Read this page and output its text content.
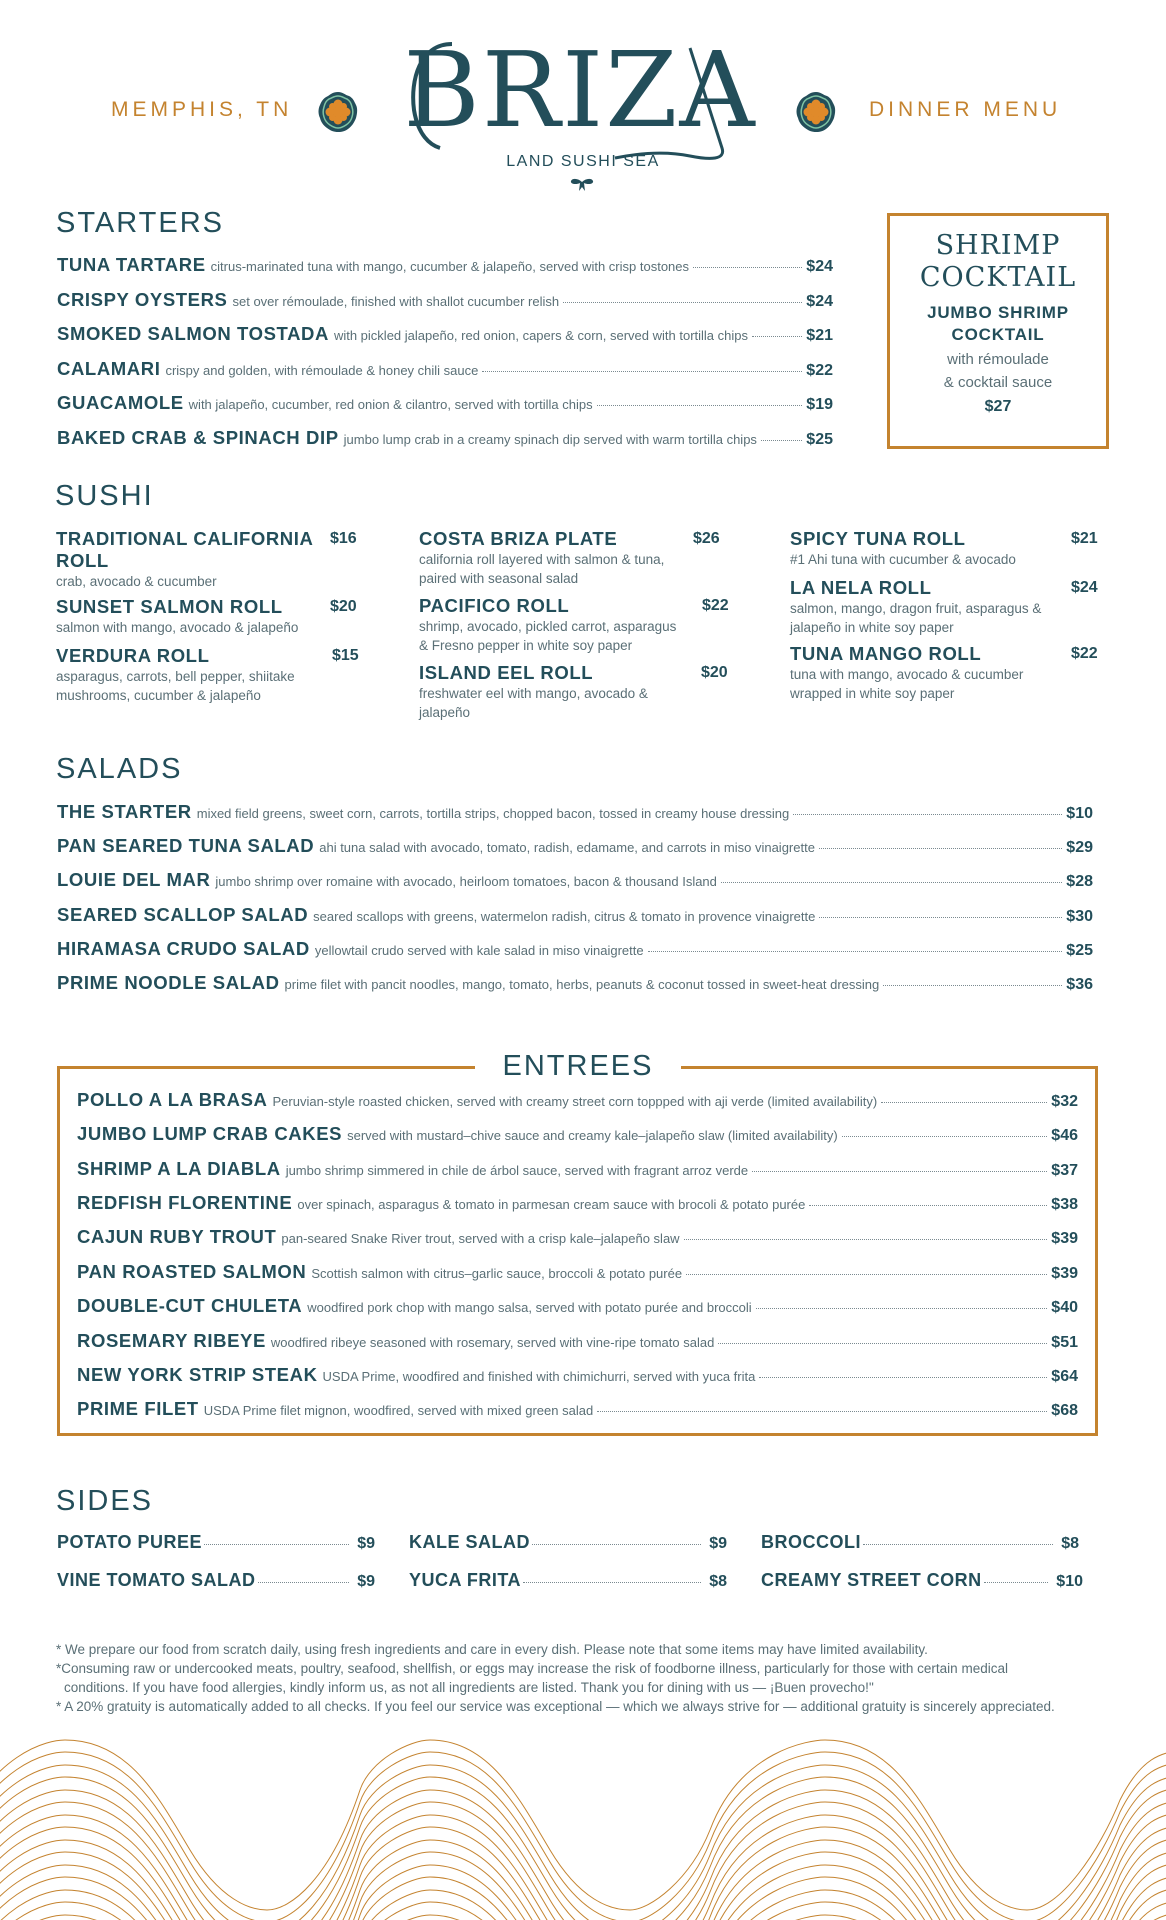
MEMPHIS, TN BRIZA	DINNER MENU
LAND SUSHI SEA
STARTERS
TUNA TARTARE citrus-marinated tuna with mango, cucumber & jalapeño, served with crisp tostones	$24
CRISPY OYSTERS set over rémoulade, finished with shallot cucumber relish	$24
SMOKED SALMON TOSTADA with pickled jalapeño, red onion, capers & corn, served with tortilla chips	$21
CALAMARI crispy and golden, with rémoulade & honey chili sauce	$22
GUACAMOLE with jalapeño, cucumber, red onion & cilantro, served with tortilla chips	$19
BAKED CRAB & SPINACH DIP jumbo lump crab in a creamy spinach dip served with warm tortilla chips	$25
SHRIMP
COCKTAIL
JUMBO SHRIMP
COCKTAIL
with rémoulade
& cocktail sauce
$27
SUSHI
TRADITIONAL CALIFORNIA ROLL
crab, avocado & cucumber
$16
SUNSET SALMON ROLL
salmon with mango, avocado & jalapeño
$20
VERDURA ROLL
asparagus, carrots, bell pepper, shiitake mushrooms, cucumber & jalapeño
$15
COSTA BRIZA PLATE
california roll layered with salmon & tuna, paired with seasonal salad
$26
PACIFICO ROLL
shrimp, avocado, pickled carrot, asparagus & Fresno pepper in white soy paper
$22
ISLAND EEL ROLL
freshwater eel with mango, avocado & jalapeño
$20
SPICY TUNA ROLL
#1 Ahi tuna with cucumber & avocado
$21
LA NELA ROLL
salmon, mango, dragon fruit, asparagus & jalapeño in white soy paper
$24
TUNA MANGO ROLL
tuna with mango, avocado & cucumber wrapped in white soy paper
$22
SALADS
THE STARTER mixed field greens, sweet corn, carrots, tortilla strips, chopped bacon, tossed in creamy house dressing	$10
PAN SEARED TUNA SALAD ahi tuna salad with avocado, tomato, radish, edamame, and carrots in miso vinaigrette	$29
LOUIE DEL MAR jumbo shrimp over romaine with avocado, heirloom tomatoes, bacon & thousand Island	$28
SEARED SCALLOP SALAD seared scallops with greens, watermelon radish, citrus & tomato in provence vinaigrette	$30
HIRAMASA CRUDO SALAD yellowtail crudo served with kale salad in miso vinaigrette	$25
PRIME NOODLE SALAD prime filet with pancit noodles, mango, tomato, herbs, peanuts & coconut tossed in sweet-heat dressing	$36
ENTREES
POLLO A LA BRASA Peruvian-style roasted chicken, served with creamy street corn toppped with aji verde (limited availability)	$32
JUMBO LUMP CRAB CAKES served with mustard–chive sauce and creamy kale–jalapeño slaw (limited availability)	$46
SHRIMP A LA DIABLA jumbo shrimp simmered in chile de árbol sauce, served with fragrant arroz verde	$37
REDFISH FLORENTINE over spinach, asparagus & tomato in parmesan cream sauce with brocoli & potato purée	$38
CAJUN RUBY TROUT pan-seared Snake River trout, served with a crisp kale–jalapeño slaw	$39
PAN ROASTED SALMON Scottish salmon with citrus–garlic sauce, broccoli & potato purée	$39
DOUBLE-CUT CHULETA woodfired pork chop with mango salsa, served with potato purée and broccoli	$40
ROSEMARY RIBEYE woodfired ribeye seasoned with rosemary, served with vine-ripe tomato salad	$51
NEW YORK STRIP STEAK USDA Prime, woodfired and finished with chimichurri, served with yuca frita	$64
PRIME FILET USDA Prime filet mignon, woodfired, served with mixed green salad	$68
SIDES
POTATO PUREE	$9 KALE SALAD	$9 BROCCOLI	$8
VINE TOMATO SALAD	$9 YUCA FRITA	$8 CREAMY STREET CORN	$10

* We prepare our food from scratch daily, using fresh ingredients and care in every dish. Please note that some items may have limited availability.

*Consuming raw or undercooked meats, poultry, seafood, shellfish, or eggs may increase the risk of foodborne illness, particularly for those with certain medical

conditions. If you have food allergies, kindly inform us, as not all ingredients are listed. Thank you for dining with us — ¡Buen provecho!"

* A 20% gratuity is automatically added to all checks. If you feel our service was exceptional — which we always strive for — additional gratuity is sincerely appreciated.
